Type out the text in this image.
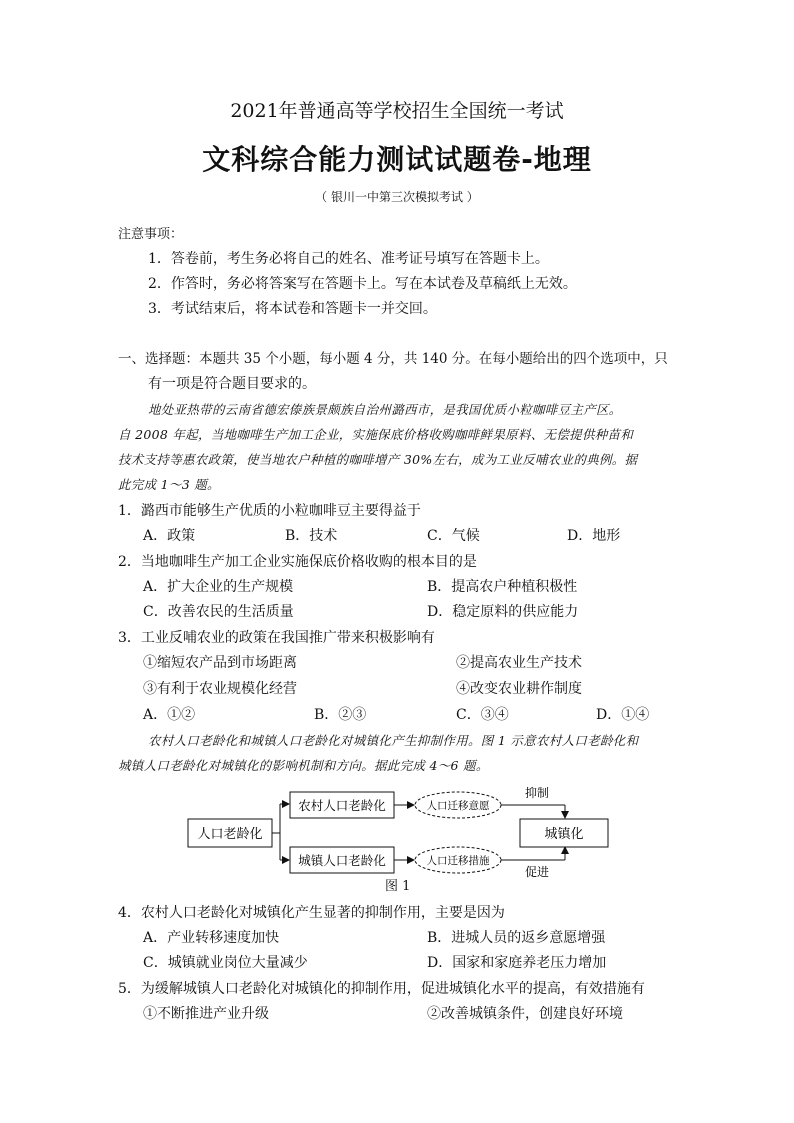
2021年普通高等学校招生全国统一考试
文科综合能力测试试题卷-地理
（ 银川一中第三次模拟考试 ）
注意事项：
1．答卷前，考生务必将自己的姓名、准考证号填写在答题卡上。
2．作答时，务必将答案写在答题卡上。写在本试卷及草稿纸上无效。
3．考试结束后，将本试卷和答题卡一并交回。
一、选择题：本题共 35 个小题，每小题 4 分，共 140 分。在每小题给出的四个选项中，只
有一项是符合题目要求的。
地处亚热带的云南省德宏傣族景颇族自治州潞西市，是我国优质小粒咖啡豆主产区。
自 2008 年起，当地咖啡生产加工企业，实施保底价格收购咖啡鲜果原料、无偿提供种苗和
技术支持等惠农政策，使当地农户种植的咖啡增产 30%左右，成为工业反哺农业的典例。据
此完成 1～3 题。
1．潞西市能够生产优质的小粒咖啡豆主要得益于
A．政策	B．技术	C．气候	D．地形
2．当地咖啡生产加工企业实施保底价格收购的根本目的是
A．扩大企业的生产规模	B．提高农户种植积极性
C．改善农民的生活质量	D．稳定原料的供应能力
3．工业反哺农业的政策在我国推广带来积极影响有
①缩短农产品到市场距离	②提高农业生产技术
③有利于农业规模化经营	④改变农业耕作制度
A．①②	B．②③	C．③④	D．①④
农村人口老龄化和城镇人口老龄化对城镇化产生抑制作用。图 1 示意农村人口老龄化和
城镇人口老龄化对城镇化的影响机制和方向。据此完成 4～6 题。
人口老龄化
农村人口老龄化
城镇人口老龄化
人口迁移意愿
人口迁移措施
抑制
促进
城镇化
图 1
4．农村人口老龄化对城镇化产生显著的抑制作用，主要是因为
A．产业转移速度加快	B．进城人员的返乡意愿增强
C．城镇就业岗位大量减少	D．国家和家庭养老压力增加
5．为缓解城镇人口老龄化对城镇化的抑制作用，促进城镇化水平的提高，有效措施有
①不断推进产业升级	②改善城镇条件，创建良好环境
